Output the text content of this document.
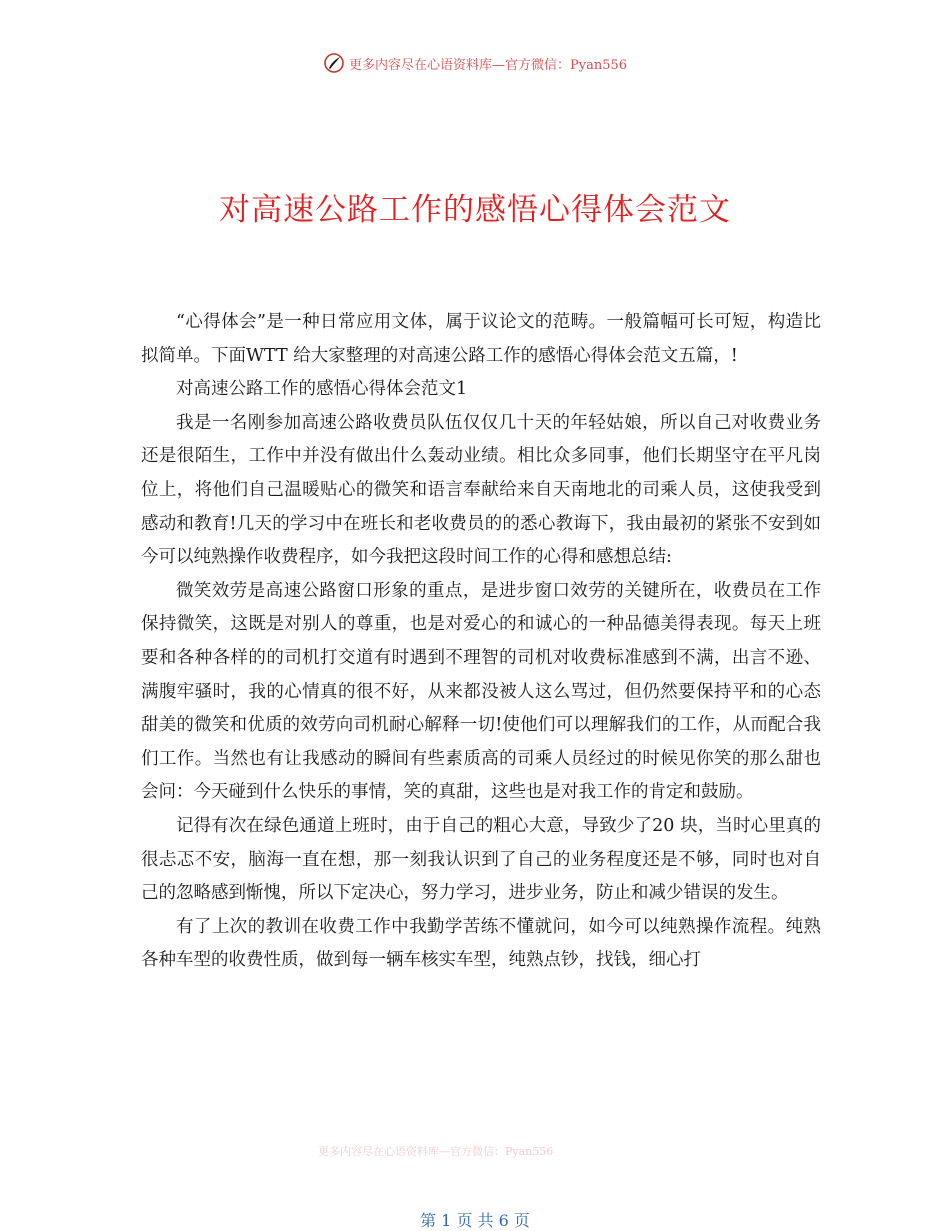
更多内容尽在心语资料库—官方微信：Pyan556
对高速公路工作的感悟心得体会范文

“心得体会”是一种日常应用文体，属于议论文的范畴。一般篇幅可长可短，构造比拟简单。下面WTT 给大家整理的对高速公路工作的感悟心得体会范文五篇，!

对高速公路工作的感悟心得体会范文1

我是一名刚参加高速公路收费员队伍仅仅几十天的年轻姑娘，所以自己对收费业务还是很陌生，工作中并没有做出什么轰动业绩。相比众多同事，他们长期坚守在平凡岗位上，将他们自己温暖贴心的微笑和语言奉献给来自天南地北的司乘人员，这使我受到感动和教育!几天的学习中在班长和老收费员的的悉心教诲下，我由最初的紧张不安到如今可以纯熟操作收费程序，如今我把这段时间工作的心得和感想总结:

微笑效劳是高速公路窗口形象的重点，是进步窗口效劳的关键所在，收费员在工作保持微笑，这既是对别人的尊重，也是对爱心的和诚心的一种品德美得表现。每天上班要和各种各样的的司机打交道有时遇到不理智的司机对收费标准感到不满，出言不逊、满腹牢骚时，我的心情真的很不好，从来都没被人这么骂过，但仍然要保持平和的心态甜美的微笑和优质的效劳向司机耐心解释一切!使他们可以理解我们的工作，从而配合我们工作。当然也有让我感动的瞬间有些素质高的司乘人员经过的时候见你笑的那么甜也会问：今天碰到什么快乐的事情，笑的真甜，这些也是对我工作的肯定和鼓励。

记得有次在绿色通道上班时，由于自己的粗心大意，导致少了20 块，当时心里真的很忐忑不安，脑海一直在想，那一刻我认识到了自己的业务程度还是不够，同时也对自己的忽略感到惭愧，所以下定决心，努力学习，进步业务，防止和减少错误的发生。

有了上次的教训在收费工作中我勤学苦练不懂就问，如今可以纯熟操作流程。纯熟各种车型的收费性质，做到每一辆车核实车型，纯熟点钞，找钱，细心打

更多内容尽在心语资料库—官方微信：Pyan556
第 1 页 共 6 页
